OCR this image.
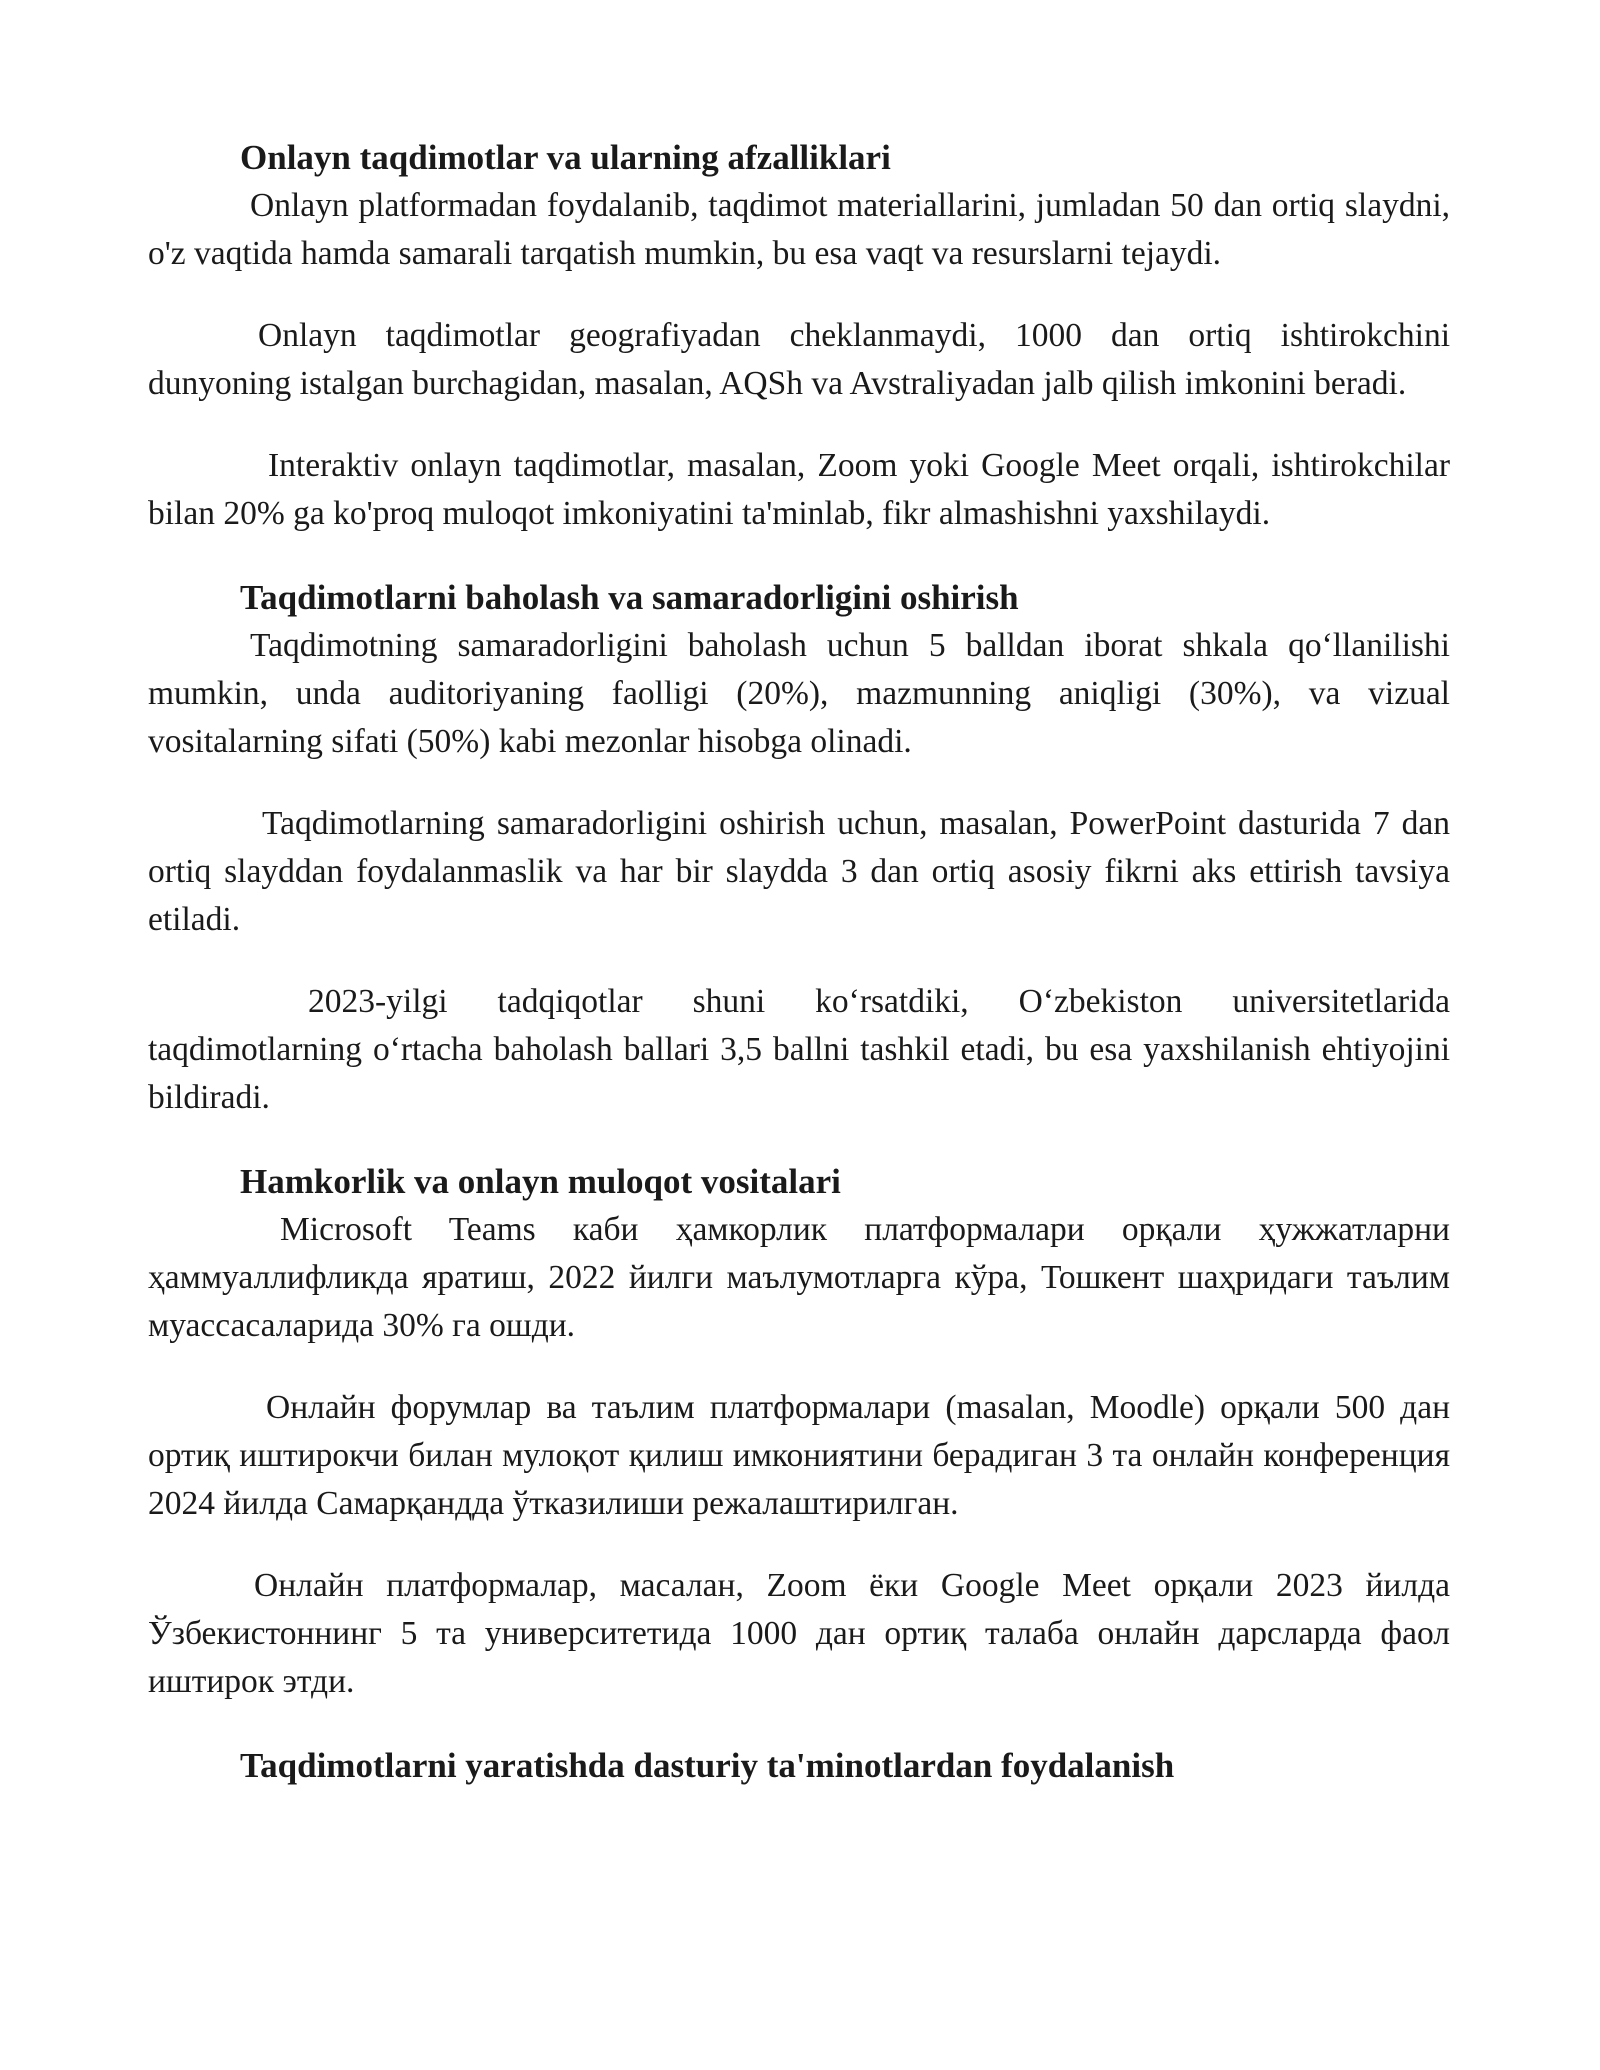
Onlayn taqdimotlar va ularning afzalliklari

Onlayn platformadan foydalanib, taqdimot materiallarini, jumladan 50 dan ortiq slaydni, o'z vaqtida hamda samarali tarqatish mumkin, bu esa vaqt va resurslarni tejaydi.

Onlayn taqdimotlar geografiyadan cheklanmaydi, 1000 dan ortiq ishtirokchini dunyoning istalgan burchagidan, masalan, AQSh va Avstraliyadan jalb qilish imkonini beradi.

Interaktiv onlayn taqdimotlar, masalan, Zoom yoki Google Meet orqali, ishtirokchilar bilan 20% ga ko'proq muloqot imkoniyatini ta'minlab, fikr almashishni yaxshilaydi.

Taqdimotlarni baholash va samaradorligini oshirish

Taqdimotning samaradorligini baholash uchun 5 balldan iborat shkala qo‘llanilishi mumkin, unda auditoriyaning faolligi (20%), mazmunning aniqligi (30%), va vizual vositalarning sifati (50%) kabi mezonlar hisobga olinadi.

Taqdimotlarning samaradorligini oshirish uchun, masalan, PowerPoint dasturida 7 dan ortiq slayddan foydalanmaslik va har bir slaydda 3 dan ortiq asosiy fikrni aks ettirish tavsiya etiladi.

2023-yilgi tadqiqotlar shuni ko‘rsatdiki, O‘zbekiston universitetlarida taqdimotlarning o‘rtacha baholash ballari 3,5 ballni tashkil etadi, bu esa yaxshilanish ehtiyojini bildiradi.

Hamkorlik va onlayn muloqot vositalari

Microsoft Teams каби ҳамкорлик платформалари орқали ҳужжатларни ҳаммуаллифликда яратиш, 2022 йилги маълумотларга кўра, Тошкент шаҳридаги таълим муассасаларида 30% га ошди.

Онлайн форумлар ва таълим платформалари (masalan, Moodle) орқали 500 дан ортиқ иштирокчи билан мулоқот қилиш имкониятини берадиган 3 та онлайн конференция 2024 йилда Самарқандда ўтказилиши режалаштирилган.

Онлайн платформалар, масалан, Zoom ёки Google Meet орқали 2023 йилда Ўзбекистоннинг 5 та университетида 1000 дан ортиқ талаба онлайн дарсларда фаол иштирок этди.

Taqdimotlarni yaratishda dasturiy ta'minotlardan foydalanish
